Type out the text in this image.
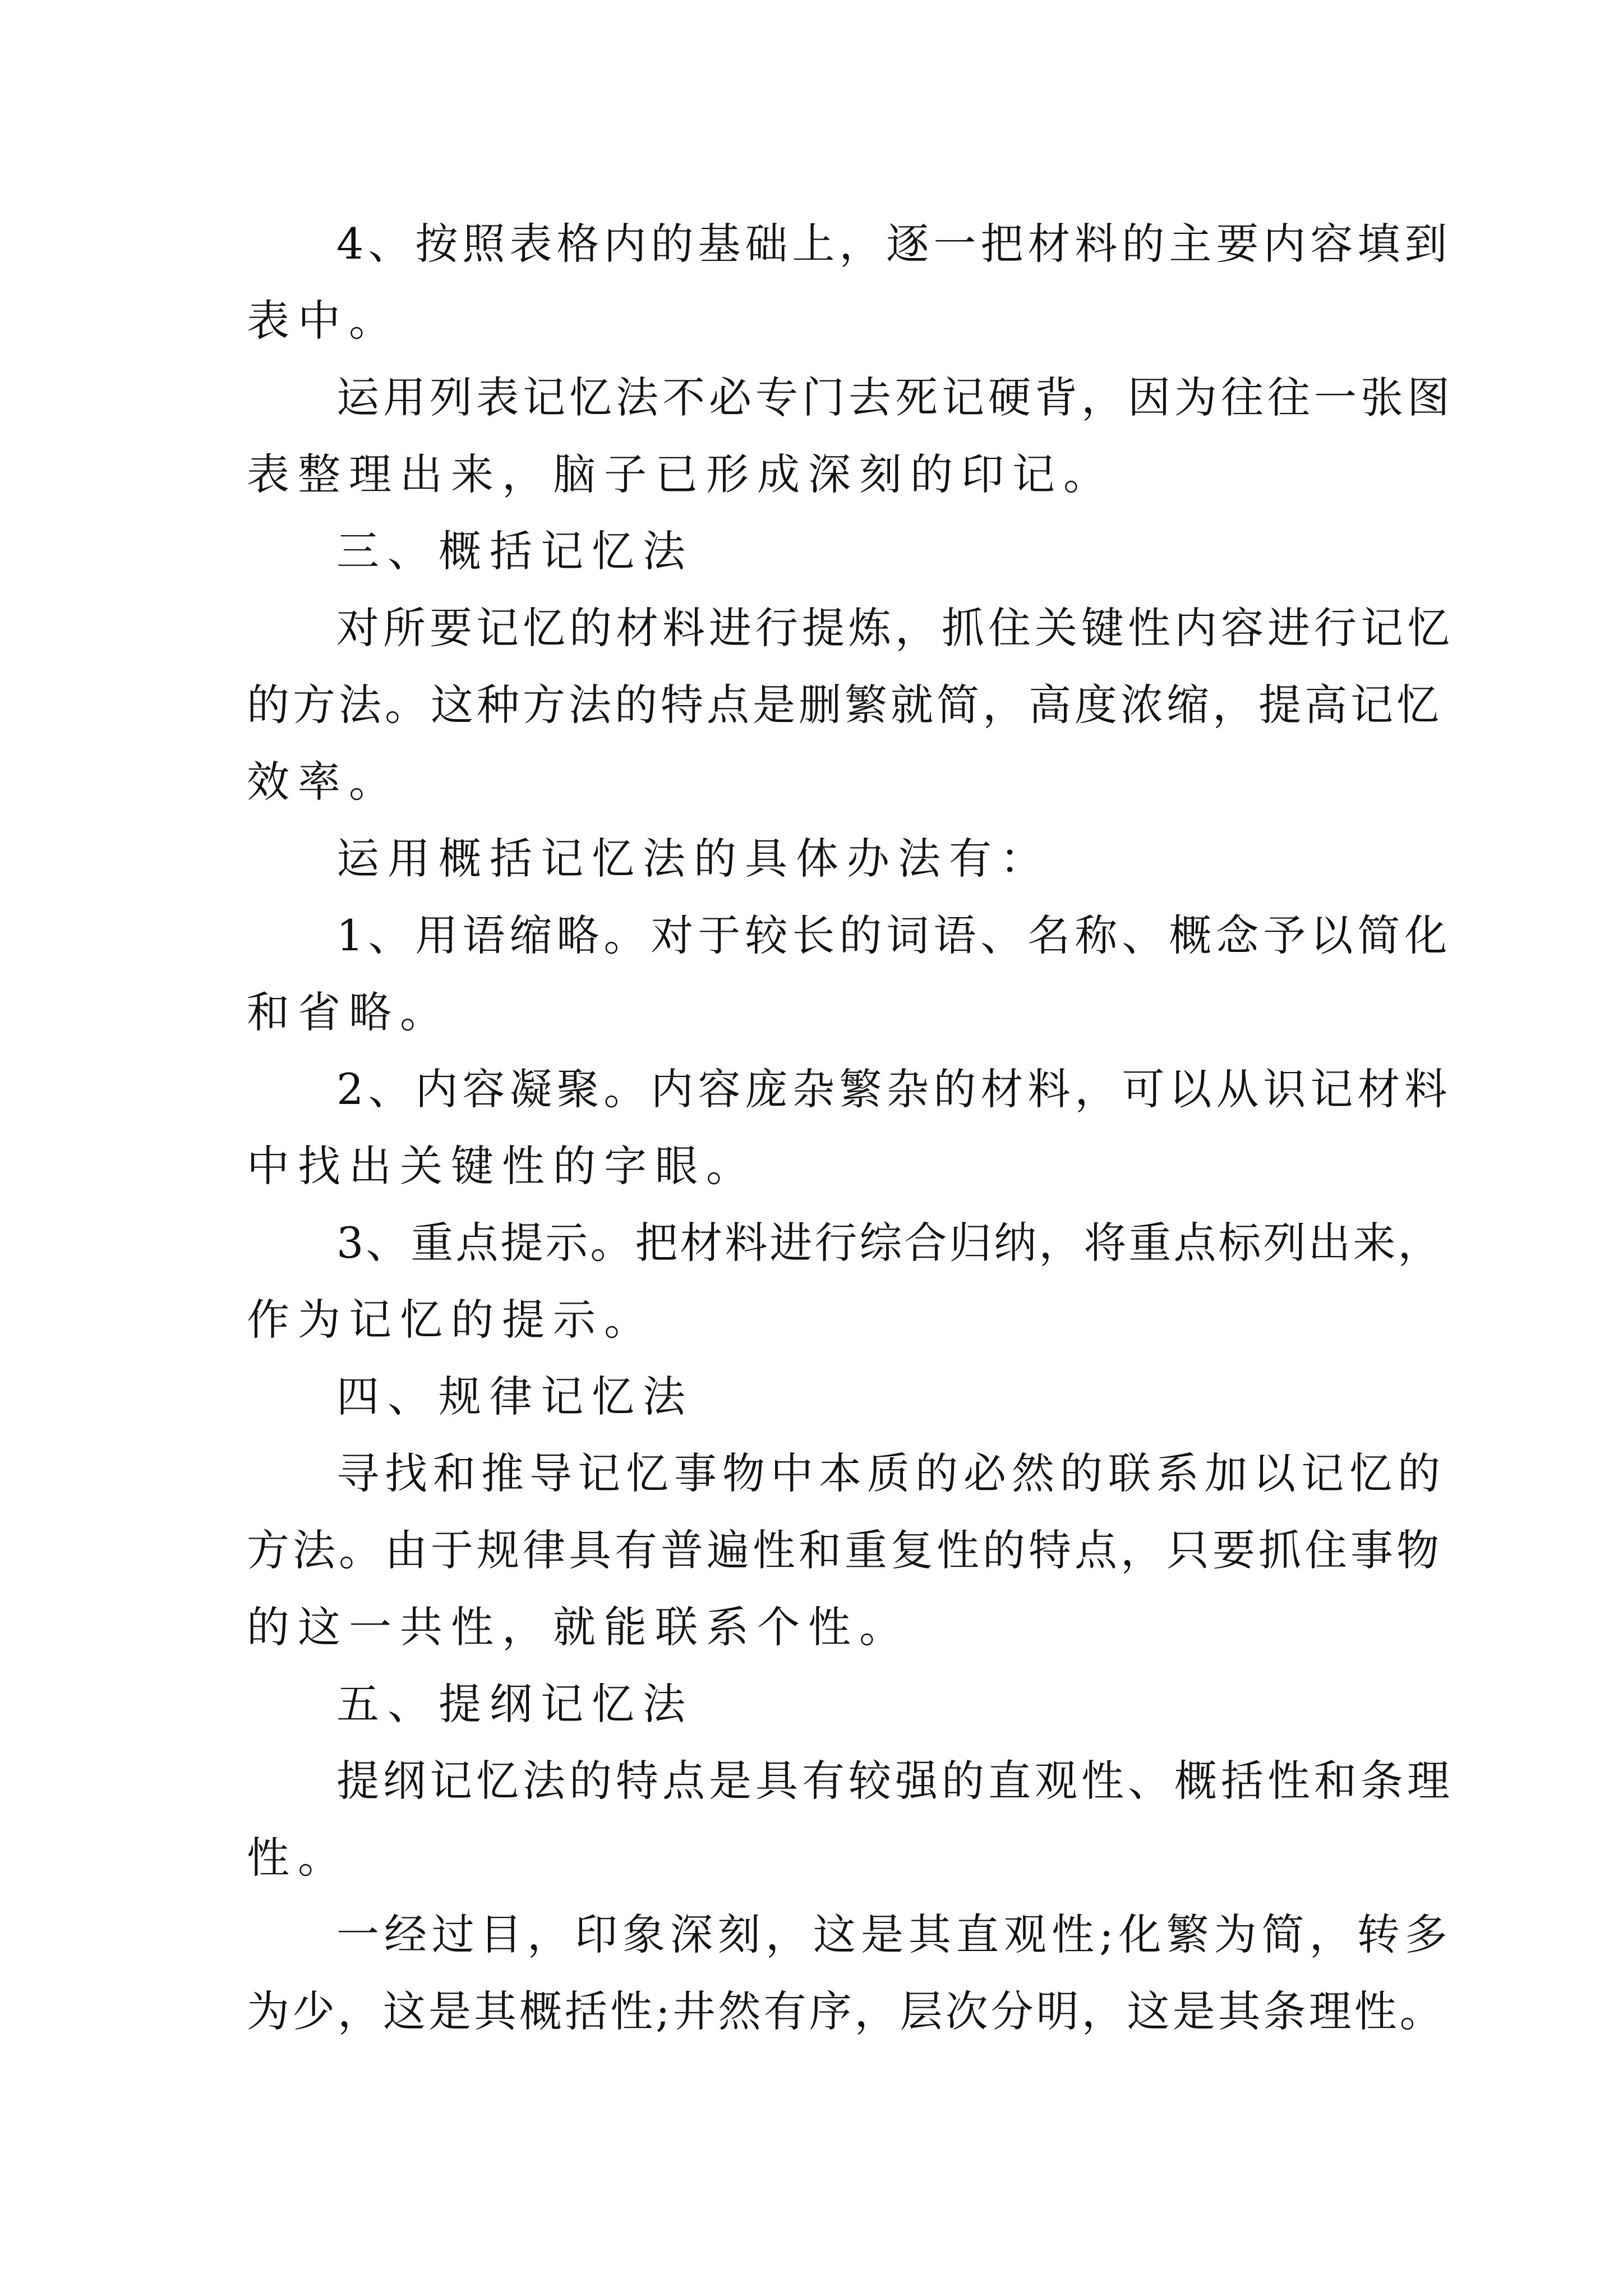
4、按照表格内的基础上，逐一把材料的主要内容填到
表中。
运用列表记忆法不必专门去死记硬背，因为往往一张图
表整理出来，脑子已形成深刻的印记。
三、概括记忆法
对所要记忆的材料进行提炼，抓住关键性内容进行记忆
的方法。这种方法的特点是删繁就简，高度浓缩，提高记忆
效率。
运用概括记忆法的具体办法有：
1、用语缩略。对于较长的词语、名称、概念予以简化
和省略。
2、内容凝聚。内容庞杂繁杂的材料，可以从识记材料
中找出关键性的字眼。
3、重点提示。把材料进行综合归纳，将重点标列出来，
作为记忆的提示。
四、规律记忆法
寻找和推导记忆事物中本质的必然的联系加以记忆的
方法。由于规律具有普遍性和重复性的特点，只要抓住事物
的这一共性，就能联系个性。
五、提纲记忆法
提纲记忆法的特点是具有较强的直观性、概括性和条理
性。
一经过目，印象深刻，这是其直观性;化繁为简，转多
为少，这是其概括性;井然有序，层次分明，这是其条理性。
